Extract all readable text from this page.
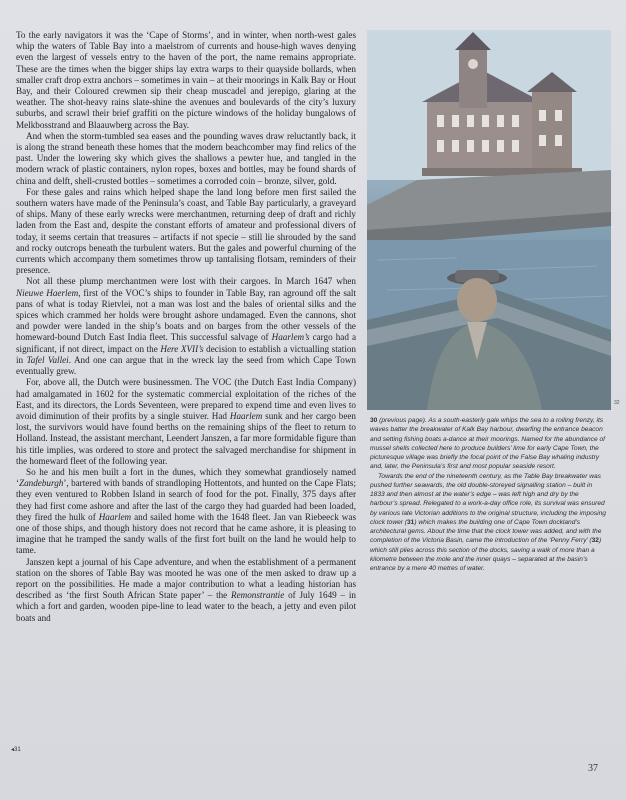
To the early navigators it was the ‘Cape of Storms’, and in winter, when north-west gales whip the waters of Table Bay into a maelstrom of currents and house-high waves denying even the largest of vessels entry to the haven of the port, the name remains appropriate. These are the times when the bigger ships lay extra warps to their quayside bollards, when smaller craft drop extra anchors – sometimes in vain – at their moorings in Kalk Bay or Hout Bay, and their Coloured crewmen sip their cheap muscadel and jerepigo, glaring at the weather. The shot-heavy rains slate-shine the avenues and boulevards of the city’s luxury suburbs, and scrawl their brief graffiti on the picture windows of the holiday bungalows of Melkbosstrand and Blaauwberg across the Bay.

And when the storm-tumbled sea eases and the pounding waves draw reluctantly back, it is along the strand beneath these homes that the modern beachcomber may find relics of the past. Under the lowering sky which gives the shallows a pewter hue, and tangled in the modern wrack of plastic containers, nylon ropes, boxes and bottles, may be found shards of china and delft, shell-crusted bottles – sometimes a corroded coin – bronze, silver, gold.

For these gales and rains which helped shape the land long before men first sailed the southern waters have made of the Peninsula’s coast, and Table Bay particularly, a graveyard of ships. Many of these early wrecks were merchantmen, returning deep of draft and richly laden from the East and, despite the constant efforts of amateur and professional divers of today, it seems certain that treasures – artifacts if not specie – still lie shrouded by the sand and rocky outcrops beneath the turbulent waters. But the gales and powerful churning of the currents which accompany them sometimes throw up tantalising flotsam, reminders of their presence.

Not all these plump merchantmen were lost with their cargoes. In March 1647 when Nieuwe Haerlem, first of the VOC’s ships to founder in Table Bay, ran aground off the salt pans of what is today Rietvlei, not a man was lost and the bales of oriental silks and the spices which crammed her holds were brought ashore undamaged. Even the cannons, shot and powder were landed in the ship’s boats and on barges from the other vessels of the homeward-bound Dutch East India fleet. This successful salvage of Haarlem’s cargo had a significant, if not direct, impact on the Here XVII’s decision to establish a victualling station in Tafel Vallei. And one can argue that in the wreck lay the seed from which Cape Town eventually grew.

For, above all, the Dutch were businessmen. The VOC (the Dutch East India Company) had amalgamated in 1602 for the systematic commercial exploitation of the riches of the East, and its directors, the Lords Seventeen, were prepared to expend time and even lives to avoid diminution of their profits by a single stuiver. Had Haarlem sunk and her cargo been lost, the survivors would have found berths on the remaining ships of the fleet to return to Holland. Instead, the assistant merchant, Leendert Janszen, a far more formidable figure than his title implies, was ordered to store and protect the salvaged merchandise for shipment in the homeward fleet of the following year.

So he and his men built a fort in the dunes, which they somewhat grandiosely named ‘Zandeburgh’, bartered with bands of strandloping Hottentots, and hunted on the Cape Flats; they even ventured to Robben Island in search of food for the pot. Finally, 375 days after they had first come ashore and after the last of the cargo they had guarded had been loaded, they fired the hulk of Haarlem and sailed home with the 1648 fleet. Jan van Riebeeck was one of those ships, and though history does not record that he came ashore, it is pleasing to imagine that he tramped the sandy walls of the first fort built on the land he would help to tame.

Janszen kept a journal of his Cape adventure, and when the establishment of a permanent station on the shores of Table Bay was mooted he was one of the men asked to draw up a report on the possibilities. He made a major contribution to what a leading historian has described as ‘the first South African State paper’ – the Remonstrantie of July 1649 – in which a fort and garden, wooden pipe-line to lead water to the beach, a jetty and even pilot boats and

◂31
32

30 (previous page). As a south-easterly gale whips the sea to a roiling frenzy, its waves batter the breakwater of Kalk Bay harbour, dwarfing the entrance beacon and setting fishing boats a-dance at their moorings. Named for the abundance of mussel shells collected here to produce builders’ lime for early Cape Town, the picturesque village was briefly the focal point of the False Bay whaling industry and, later, the Peninsula’s first and most popular seaside resort.

Towards the end of the nineteenth century, as the Table Bay breakwater was pushed further seawards, the old double-storeyed signalling station – built in 1833 and then almost at the water’s edge – was left high and dry by the harbour’s spread. Relegated to a work-a-day office role, its survival was ensured by various late Victorian additions to the original structure, including the imposing clock tower (31) which makes the building one of Cape Town dockland’s architectural gems. About the time that the clock tower was added, and with the completion of the Victoria Basin, came the introduction of the ‘Penny Ferry’ (32) which still plies across this section of the docks, saving a walk of more than a kilometre between the mole and the inner quays – separated at the basin’s entrance by a mere 40 metres of water.

37
